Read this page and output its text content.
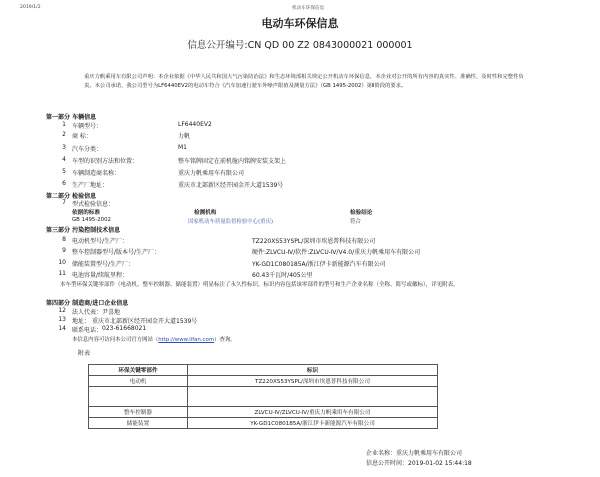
2019/1/2	机动车环保信息
电动车环保信息
信息公开编号:CN QD 00 Z2 0843000021 000001
重庆力帆乘用车有限公司声明：本企业依据《中华人民共和国大气污染防治法》和生态环境部相关规定公开机动车环保信息，本企业对公开的所有内容的真实性、准确性、及时性和完整性负责。本公司承诺，我公司型号为LF6440EV2的电动车符合《汽车加速行驶车外噪声限值及测量方法》（GB 1495-2002）第Ⅱ阶段的要求。
第一部分 车辆信息
1 车辆型号：	LF6440EV2
2 商 标：	力帆
3 汽车分类：	M1
4 车型的识别方法和位置：	整车铭牌固定在前机舱内铭牌安装支架上
5 车辆制造商名称：	重庆力帆乘用车有限公司
6 生产厂地址：	重庆市北部新区经开园金开大道1539号
第二部分 检验信息
7 型式检验信息：
依据的标准	检测机构	检验结论
GB 1495-2002	国家机动车质量监督检验中心(重庆)	符合
第三部分 污染控制技术信息
8 电动机型号/生产厂：	TZ220XS53YSPL/深圳市埃恩普科技有限公司
9 整车控制器型号/版本号/生产厂：	硬件:ZLVCU-Ⅳ/软件:ZLVCU-Ⅳ/V4.0/重庆力帆乘用车有限公司
10 储能装置型号/生产厂：	YK-GD1C080185A/浙江伊卡新能源汽车有限公司
11 电池容量/续航里程：	60.43千瓦时/405公里
本车型环保关键零部件（电动机、整车控制器、储能装置）明显标注了永久性标识，标识内容包括该零部件的型号和生产企业名称（全称、简写或徽标），详见附表。
第四部分 制造商/进口企业信息
12 法人代表： 尹喜地
13 地址： 重庆市北部新区经开园金开大道1539号
14 联系电话： 023-61668021
本信息内容可访问本公司官方网站（http://www.lifan.com）查询。
附表
环保关键零部件	标识
电动机	TZ220XS53YSPL/深圳市埃恩普科技有限公司

整车控制器	ZLVCU-Ⅳ/ZLVCU-Ⅳ/重庆力帆乘用车有限公司
储能装置	YK-GD1C080185A/浙江伊卡新能源汽车有限公司
企业名称：重庆力帆乘用车有限公司
信息公开时间：2019-01-02 15:44:18
